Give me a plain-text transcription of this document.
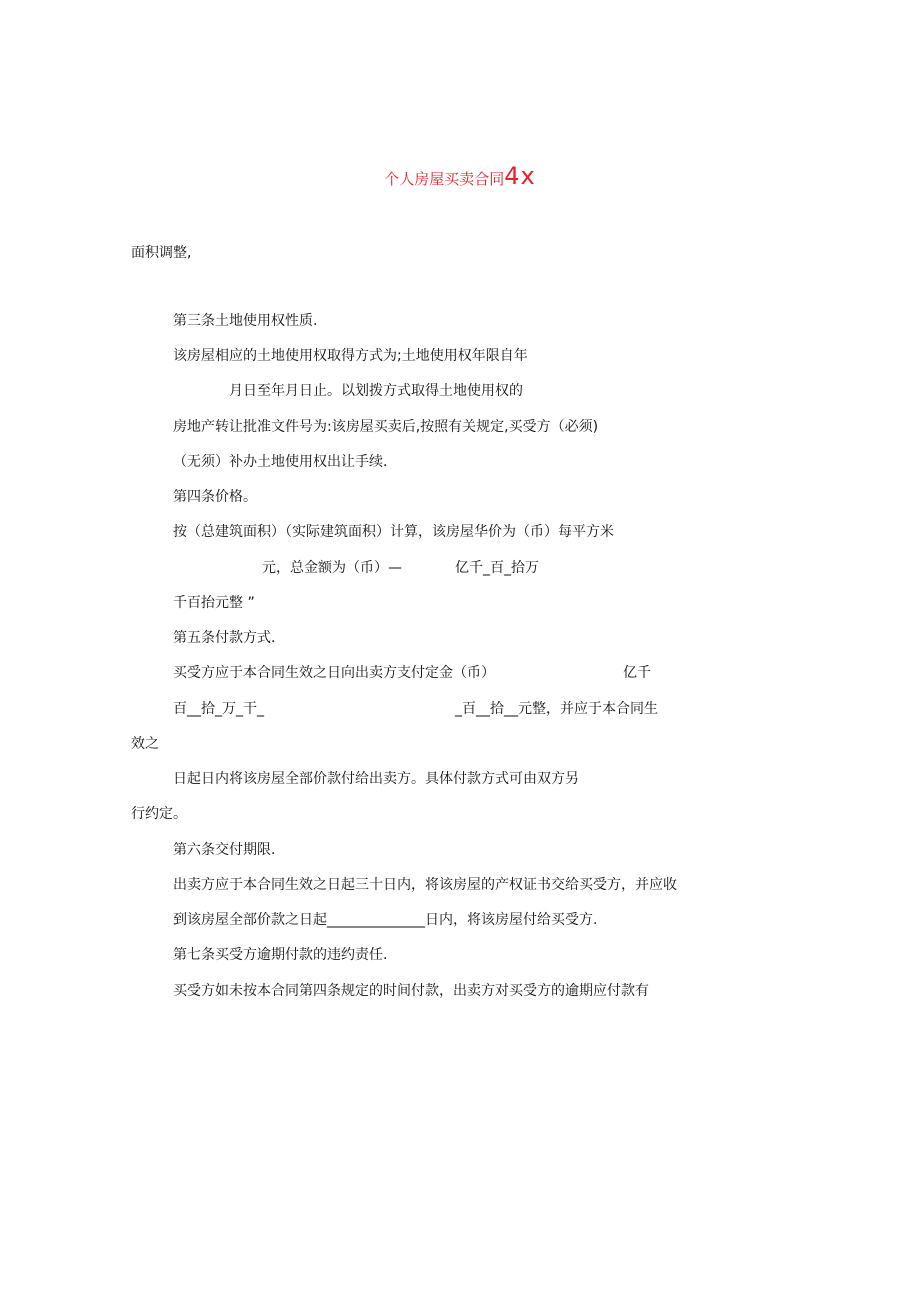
个人房屋买卖合同4x
面积调整,
第三条土地使用权性质.
该房屋相应的土地使用权取得方式为;土地使用权年限自年
月日至年月日止。以划拨方式取得土地使用权的
房地产转让批准文件号为:该房屋买卖后,按照有关规定,买受方（必须)
（无须）补办土地使用权出让手续.
第四条价格。
按（总建筑面积）（实际建筑面积）计算，该房屋华价为（币）每平方米
元，总金额为（币）—	亿千_百_拾万
千百抬元整 ”
第五条付款方式.
买受方应于本合同生效之日向出卖方支付定金（币）	亿千
百__拾_万_干_	_百__拾__元整，并应于本合同生
效之
日起日内将该房屋全部价款付给出卖方。具体付款方式可由双方另
行约定。
第六条交付期限.
出卖方应于本合同生效之日起三十日内，将该房屋的产权证书交给买受方，并应收
到该房屋全部价款之日起______________日内，将该房屋付给买受方.
第七条买受方逾期付款的违约责任.
买受方如未按本合同第四条规定的时间付款，出卖方对买受方的逾期应付款有
